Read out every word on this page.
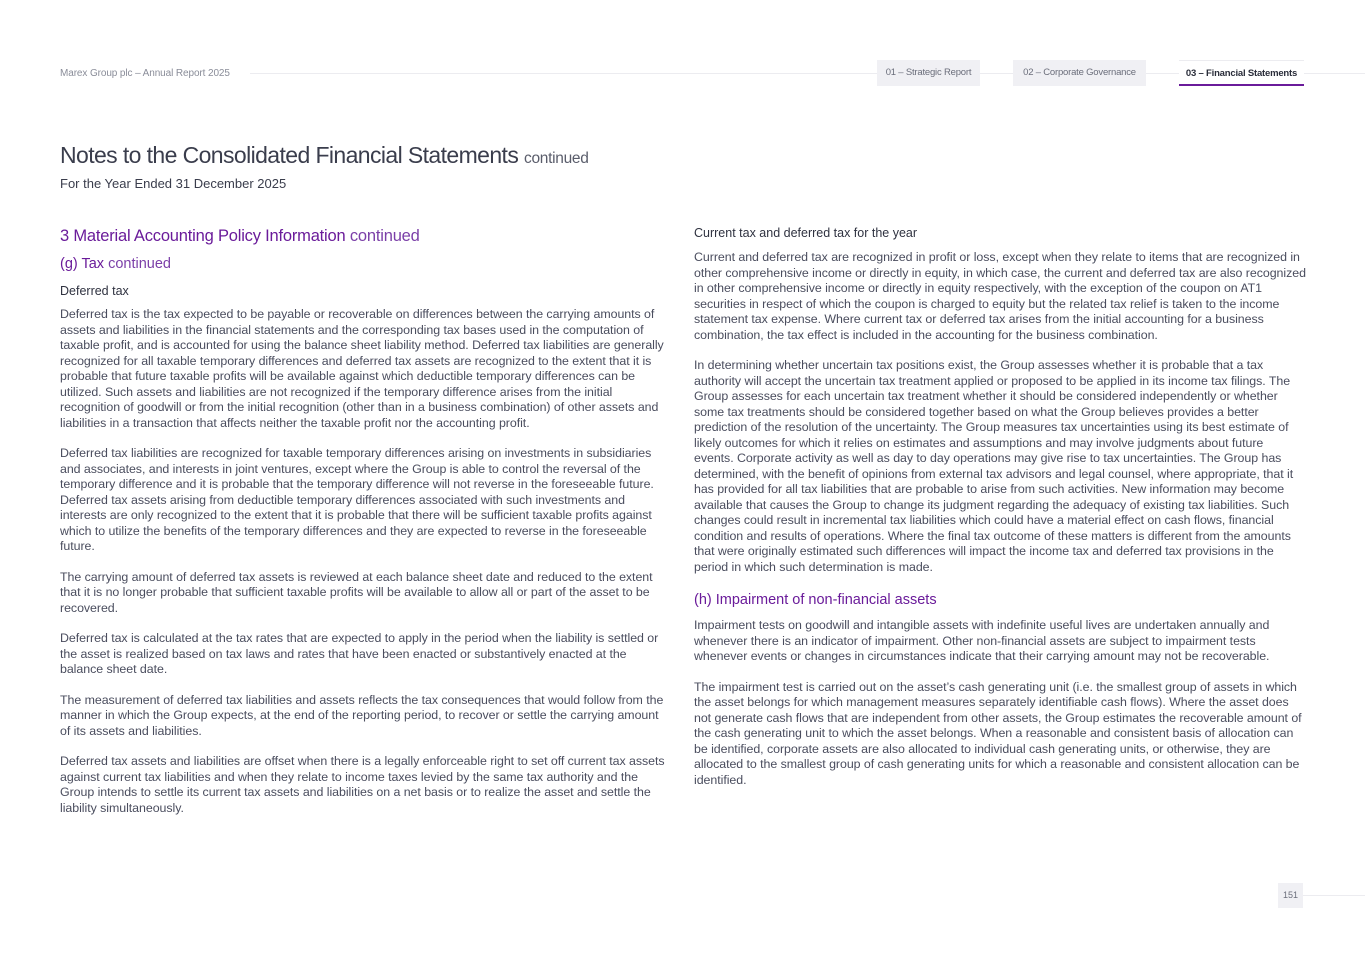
Marex Group plc – Annual Report 2025	01 – Strategic Report	02 – Corporate Governance	03 – Financial Statements
Notes to the Consolidated Financial Statements continued
For the Year Ended 31 December 2025
3 Material Accounting Policy Information continued
(g) Tax continued
Deferred tax

Deferred tax is the tax expected to be payable or recoverable on differences between the carrying amounts of assets and liabilities in the financial statements and the corresponding tax bases used in the computation of taxable profit, and is accounted for using the balance sheet liability method. Deferred tax liabilities are generally recognized for all taxable temporary differences and deferred tax assets are recognized to the extent that it is probable that future taxable profits will be available against which deductible temporary differences can be utilized. Such assets and liabilities are not recognized if the temporary difference arises from the initial recognition of goodwill or from the initial recognition (other than in a business combination) of other assets and liabilities in a transaction that affects neither the taxable profit nor the accounting profit.

Deferred tax liabilities are recognized for taxable temporary differences arising on investments in subsidiaries and associates, and interests in joint ventures, except where the Group is able to control the reversal of the temporary difference and it is probable that the temporary difference will not reverse in the foreseeable future. Deferred tax assets arising from deductible temporary differences associated with such investments and interests are only recognized to the extent that it is probable that there will be sufficient taxable profits against which to utilize the benefits of the temporary differences and they are expected to reverse in the foreseeable future.

The carrying amount of deferred tax assets is reviewed at each balance sheet date and reduced to the extent that it is no longer probable that sufficient taxable profits will be available to allow all or part of the asset to be recovered.

Deferred tax is calculated at the tax rates that are expected to apply in the period when the liability is settled or the asset is realized based on tax laws and rates that have been enacted or substantively enacted at the balance sheet date.

The measurement of deferred tax liabilities and assets reflects the tax consequences that would follow from the manner in which the Group expects, at the end of the reporting period, to recover or settle the carrying amount of its assets and liabilities.

Deferred tax assets and liabilities are offset when there is a legally enforceable right to set off current tax assets against current tax liabilities and when they relate to income taxes levied by the same tax authority and the Group intends to settle its current tax assets and liabilities on a net basis or to realize the asset and settle the liability simultaneously.

Current tax and deferred tax for the year

Current and deferred tax are recognized in profit or loss, except when they relate to items that are recognized in other comprehensive income or directly in equity, in which case, the current and deferred tax are also recognized in other comprehensive income or directly in equity respectively, with the exception of the coupon on AT1 securities in respect of which the coupon is charged to equity but the related tax relief is taken to the income statement tax expense. Where current tax or deferred tax arises from the initial accounting for a business combination, the tax effect is included in the accounting for the business combination.

In determining whether uncertain tax positions exist, the Group assesses whether it is probable that a tax authority will accept the uncertain tax treatment applied or proposed to be applied in its income tax filings. The Group assesses for each uncertain tax treatment whether it should be considered independently or whether some tax treatments should be considered together based on what the Group believes provides a better prediction of the resolution of the uncertainty. The Group measures tax uncertainties using its best estimate of likely outcomes for which it relies on estimates and assumptions and may involve judgments about future events. Corporate activity as well as day to day operations may give rise to tax uncertainties. The Group has determined, with the benefit of opinions from external tax advisors and legal counsel, where appropriate, that it has provided for all tax liabilities that are probable to arise from such activities. New information may become available that causes the Group to change its judgment regarding the adequacy of existing tax liabilities. Such changes could result in incremental tax liabilities which could have a material effect on cash flows, financial condition and results of operations. Where the final tax outcome of these matters is different from the amounts that were originally estimated such differences will impact the income tax and deferred tax provisions in the period in which such determination is made.

(h) Impairment of non-financial assets

Impairment tests on goodwill and intangible assets with indefinite useful lives are undertaken annually and whenever there is an indicator of impairment. Other non-financial assets are subject to impairment tests whenever events or changes in circumstances indicate that their carrying amount may not be recoverable.

The impairment test is carried out on the asset’s cash generating unit (i.e. the smallest group of assets in which the asset belongs for which management measures separately identifiable cash flows). Where the asset does not generate cash flows that are independent from other assets, the Group estimates the recoverable amount of the cash generating unit to which the asset belongs. When a reasonable and consistent basis of allocation can be identified, corporate assets are also allocated to individual cash generating units, or otherwise, they are allocated to the smallest group of cash generating units for which a reasonable and consistent allocation can be identified.

151
